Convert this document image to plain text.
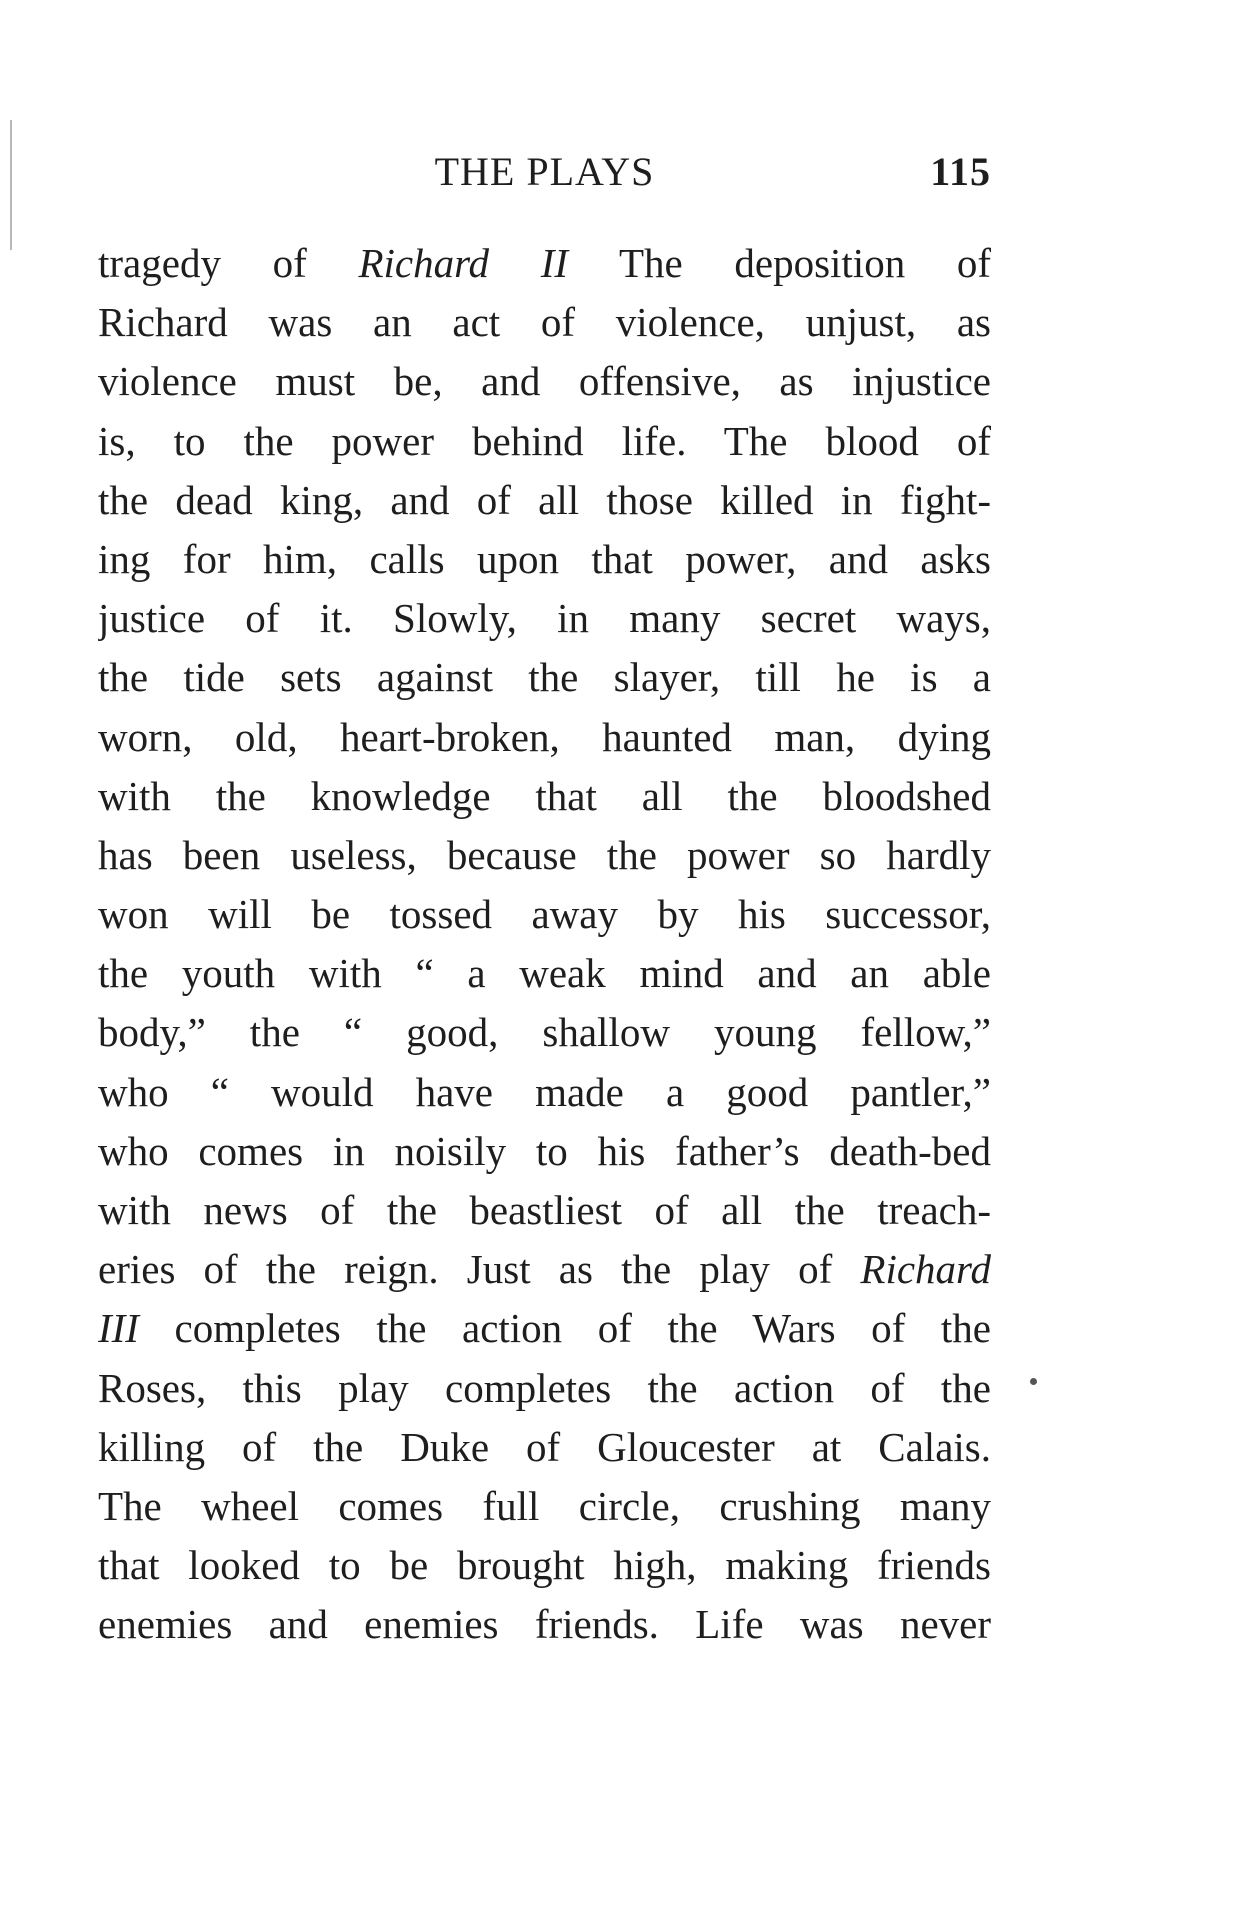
THE PLAYS	115
tragedy of Richard II The deposition of
Richard was an act of violence, unjust, as
violence must be, and offensive, as injustice
is, to the power behind life. The blood of
the dead king, and of all those killed in fight-
ing for him, calls upon that power, and asks
justice of it. Slowly, in many secret ways,
the tide sets against the slayer, till he is a
worn, old, heart-broken, haunted man, dying
with the knowledge that all the bloodshed
has been useless, because the power so hardly
won will be tossed away by his successor,
the youth with “ a weak mind and an able
body,” the “ good, shallow young fellow,”
who “ would have made a good pantler,”
who comes in noisily to his father’s death-bed
with news of the beastliest of all the treach-
eries of the reign. Just as the play of Richard
III completes the action of the Wars of the
Roses, this play completes the action of the
killing of the Duke of Gloucester at Calais.
The wheel comes full circle, crushing many
that looked to be brought high, making friends
enemies and enemies friends. Life was never
